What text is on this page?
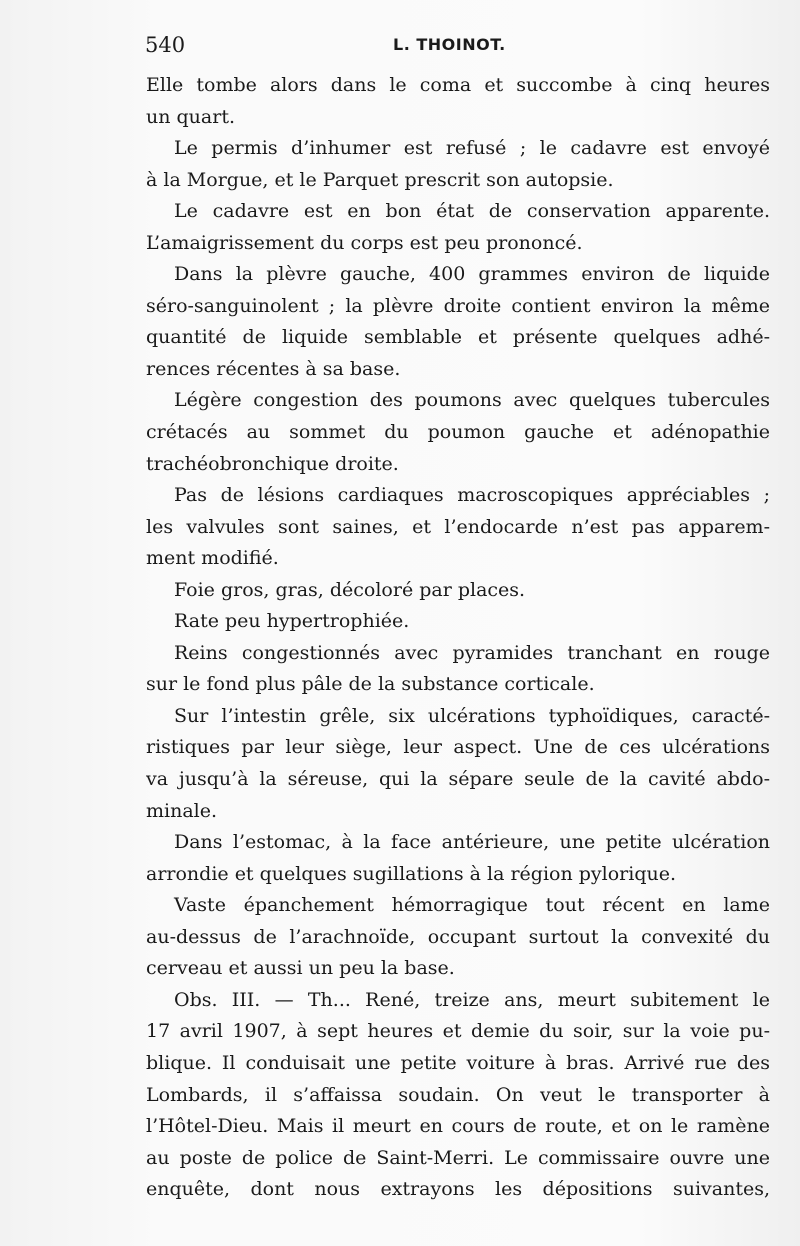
540	L. THOINOT.
Elle tombe alors dans le coma et succombe à cinq heures
un quart.
Le permis d’inhumer est refusé ; le cadavre est envoyé
à la Morgue, et le Parquet prescrit son autopsie.
Le cadavre est en bon état de conservation apparente.
L’amaigrissement du corps est peu prononcé.
Dans la plèvre gauche, 400 grammes environ de liquide
séro-sanguinolent ; la plèvre droite contient environ la même
quantité de liquide semblable et présente quelques adhé-
rences récentes à sa base.
Légère congestion des poumons avec quelques tubercules
crétacés au sommet du poumon gauche et adénopathie
trachéobronchique droite.
Pas de lésions cardiaques macroscopiques appréciables ;
les valvules sont saines, et l’endocarde n’est pas apparem-
ment modifié.
Foie gros, gras, décoloré par places.
Rate peu hypertrophiée.
Reins congestionnés avec pyramides tranchant en rouge
sur le fond plus pâle de la substance corticale.
Sur l’intestin grêle, six ulcérations typhoïdiques, caracté-
ristiques par leur siège, leur aspect. Une de ces ulcérations
va jusqu’à la séreuse, qui la sépare seule de la cavité abdo-
minale.
Dans l’estomac, à la face antérieure, une petite ulcération
arrondie et quelques sugillations à la région pylorique.
Vaste épanchement hémorragique tout récent en lame
au-dessus de l’arachnoïde, occupant surtout la convexité du
cerveau et aussi un peu la base.
Obs. III. — Th... René, treize ans, meurt subitement le
17 avril 1907, à sept heures et demie du soir, sur la voie pu-
blique. Il conduisait une petite voiture à bras. Arrivé rue des
Lombards, il s’affaissa soudain. On veut le transporter à
l’Hôtel-Dieu. Mais il meurt en cours de route, et on le ramène
au poste de police de Saint-Merri. Le commissaire ouvre une
enquête, dont nous extrayons les dépositions suivantes,
